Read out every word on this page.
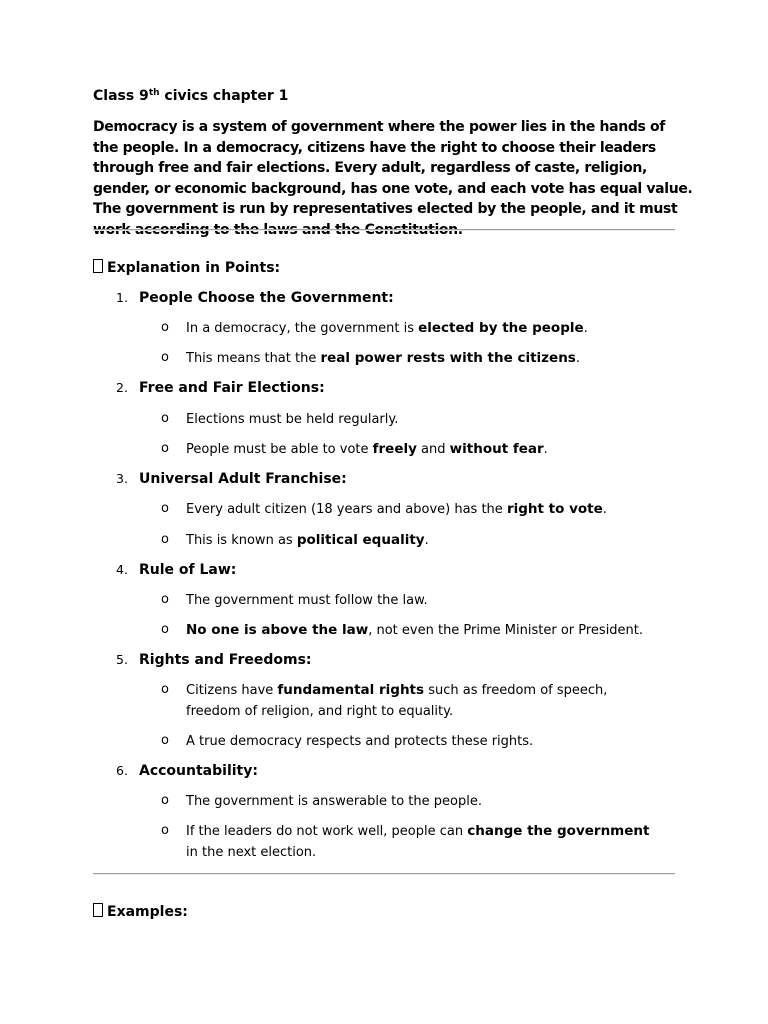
Class 9th civics chapter 1
Democracy is a system of government where the power lies in the hands of the people. In a democracy, citizens have the right to choose their leaders through free and fair elections. Every adult, regardless of caste, religion, gender, or economic background, has one vote, and each vote has equal value. The government is run by representatives elected by the people, and it must work according to the laws and the Constitution.
Explanation in Points:
1. People Choose the Government:
o	In a democracy, the government is elected by the people.
o	This means that the real power rests with the citizens.
2. Free and Fair Elections:
o	Elections must be held regularly.
o	People must be able to vote freely and without fear.
3. Universal Adult Franchise:
o	Every adult citizen (18 years and above) has the right to vote.
o	This is known as political equality.
4. Rule of Law:
o	The government must follow the law.
o No one is above the law, not even the Prime Minister or President.
5. Rights and Freedoms:
o	Citizens have fundamental rights such as freedom of speech, freedom of religion, and right to equality.
o	A true democracy respects and protects these rights.
6. Accountability:
o	The government is answerable to the people.
o	If the leaders do not work well, people can change the government in the next election.
Examples:
